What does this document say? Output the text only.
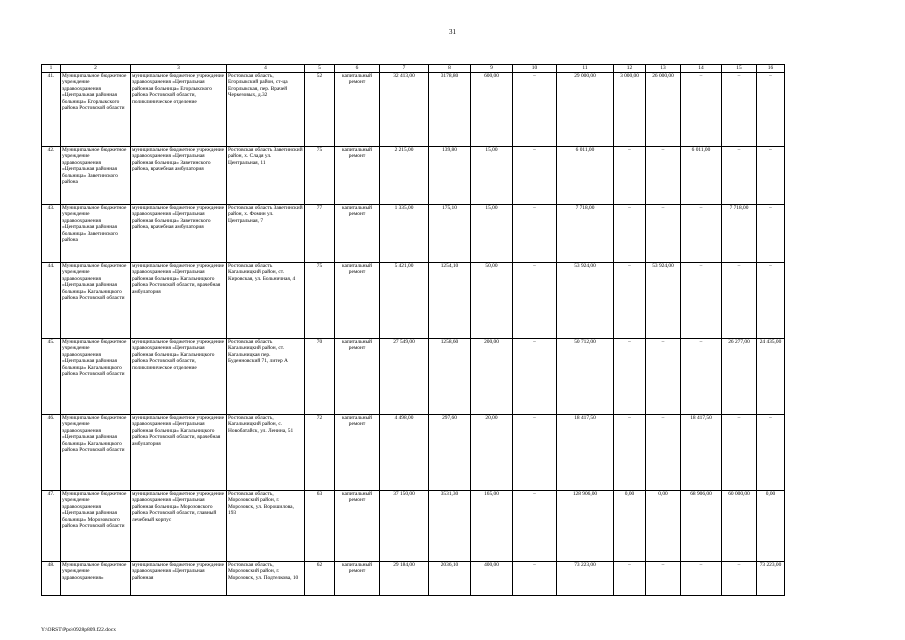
31
1	2	3	4	5	6	7	8	9	10	11	12	13	14	15	16
41.	Муниципальное бюджетное учреждение здравоохранения «Центральная районная больница» Егорлыкского района Ростовской области	муниципальное бюджетное учреждение здравоохранения «Центральная районная больница» Егорлыкского района Ростовской области, поликлиническое отделение	Ростовская область, Егорлыкский район, ст-ца Егорлыкская, пер. Врачей Черкезовых, д.32	52	капитальный ремонт	32 413,00	3178,80	600,00	–	29 000,00	3 000,00	26 000,00	–	–	–
42.	Муниципальное бюджетное учреждение здравоохранения «Центральная районная больница» Заветинского района	муниципальное бюджетное учреждение здравоохранения «Центральная районная больница» Заветинского района, врачебная амбулатория	Ростовская область Заветинский район, х. Сладя ул. Центральная, 11	75	капитальный ремонт	2 215,00	139,80	15,00	–	6 011,00	–	–	6 011,00	–	–
43.	Муниципальное бюджетное учреждение здравоохранения «Центральная районная больница» Заветинского района	муниципальное бюджетное учреждение здравоохранения «Центральная районная больница» Заветинского района, врачебная амбулатория	Ростовская область Заветинский район, х. Фомин ул. Центральная, 7	77	капитальный ремонт	1 335,00	175,10	15,00	–	7 718,00	–	–	–	7 718,00	–
44.	Муниципальное бюджетное учреждение здравоохранения «Центральная районная больница» Кагальницкого района Ростовской области	муниципальное бюджетное учреждение здравоохранения «Центральная районная больница» Кагальницкого района Ростовской области, врачебная амбулатория	Ростовская область Кагальницкий район, ст. Кировская, ул. Больничная, 4	75	капитальный ремонт	5 421,00	1254,10	50,00	–	53 924,00	–	53 924,00	–	–	–
45.	Муниципальное бюджетное учреждение здравоохранения «Центральная районная больница» Кагальницкого района Ростовской области	муниципальное бюджетное учреждение здравоохранения «Центральная районная больница» Кагальницкого района Ростовской области, поликлиническое отделение	Ростовская область Кагальницкий район, ст. Кагальницкая пер. Буденновский 71, литер А	70	капитальный ремонт	27 549,00	1258,60	200,00	–	50 712,00	–	–	–	26 277,00	24 435,00
46.	Муниципальное бюджетное учреждение здравоохранения «Центральная районная больница» Кагальницкого района Ростовской области	муниципальное бюджетное учреждение здравоохранения «Центральная районная больница» Кагальницкого района Ростовской области, врачебная амбулатория	Ростовская область, Кагальницкий район, с. Новобатайск, ул. Ленина, 51	72	капитальный ремонт	4 498,00	297,60	20,00	–	18 417,50	–	–	18 417,50	–	–
47.	Муниципальное бюджетное учреждение здравоохранения «Центральная районная больница» Морозовского района Ростовской области	муниципальное бюджетное учреждение здравоохранения «Центральная районная больница» Морозовского района Ростовской области, главный лечебный корпус	Ростовская область, Морозовский район, г. Морозовск, ул. Ворошилова, 193	63	капитальный ремонт	37 150,00	3531,30	165,00	–	128 906,00	0,00	0,00	68 906,00	60 000,00	0,00
48.	Муниципальное бюджетное учреждение здравоохранения»	муниципальное бюджетное учреждение здравоохранения «Центральная районная	Ростовская область, Морозовский район, г. Морозовск, ул. Подтелкова, 10	62	капитальный ремонт	29 184,00	2036,10	400,00	–	73 223,00	–	–	–	–	73 223,00
Y:\ORST\Ppo\0928p809.f22.docx
